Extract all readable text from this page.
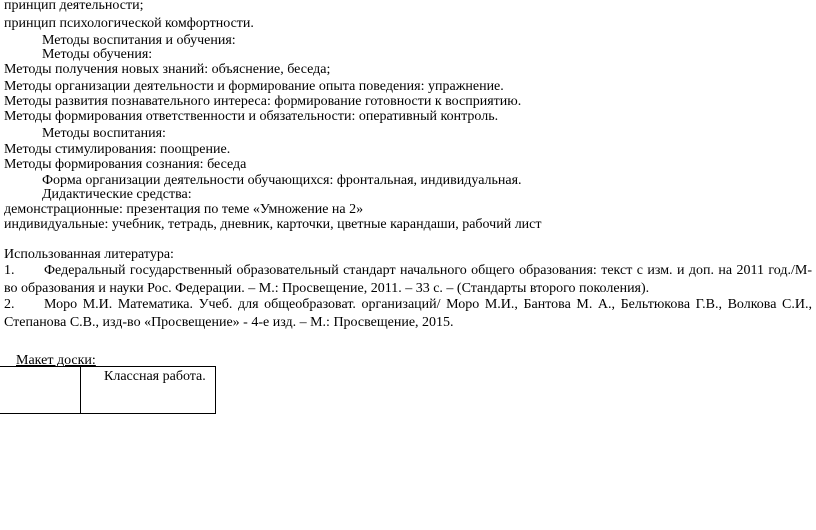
принцип деятельности;
принцип психологической комфортности.
Методы воспитания и обучения:
Методы обучения:
Методы получения новых знаний: объяснение, беседа;
Методы организации деятельности и формирование опыта поведения: упражнение.
Методы развития познавательного интереса: формирование готовности к восприятию.
Методы формирования ответственности и обязательности: оперативный контроль.
Методы воспитания:
Методы стимулирования: поощрение.
Методы формирования сознания: беседа
Форма организации деятельности обучающихся: фронтальная, индивидуальная.
Дидактические средства:
демонстрационные: презентация по теме «Умножение на 2»
индивидуальные: учебник, тетрадь, дневник, карточки, цветные карандаши, рабочий лист
Использованная литература:
1. Федеральный государственный образовательный стандарт начального общего образования: текст с изм. и доп. на 2011 год./М-во образования и науки Рос. Федерации. – М.: Просвещение, 2011. – 33 с. – (Стандарты второго поколения).
2. Моро М.И. Математика. Учеб. для общеобразоват. организаций/ Моро М.И., Бантова М. А., Бельтюкова Г.В., Волкова С.И., Степанова С.В., изд-во «Просвещение» - 4-е изд. – М.: Просвещение, 2015.
Макет доски:
Классная работа.
